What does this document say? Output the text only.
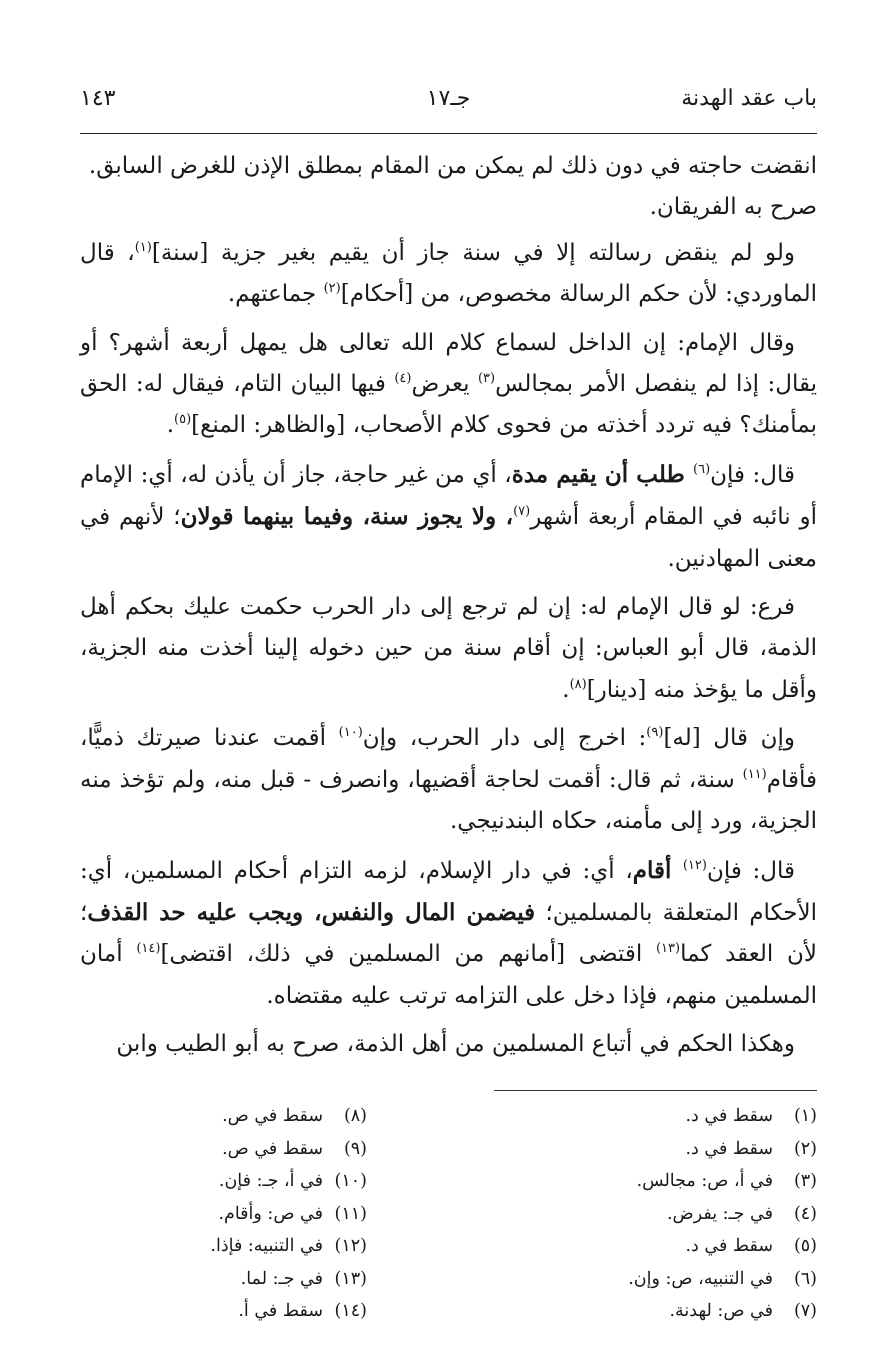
باب عقد الهدنة
جـ١٧
١٤٣

انقضت حاجته في دون ذلك لم يمكن من المقام بمطلق الإذن للغرض السابق.
صرح به الفريقان.

ولو لم ينقض رسالته إلا في سنة جاز أن يقيم بغير جزية [سنة]$^{(١)}$، قال الماوردي: لأن حكم الرسالة مخصوص، من [أحكام]$^{(٢)}$ جماعتهم.

وقال الإمام: إن الداخل لسماع كلام الله تعالى هل يمهل أربعة أشهر؟ أو يقال: إذا لم ينفصل الأمر بمجالس$^{(٣)}$ يعرض$^{(٤)}$ فيها البيان التام، فيقال له: الحق بمأمنك؟ فيه تردد أخذته من فحوى كلام الأصحاب، [والظاهر: المنع]$^{(٥)}$.

قال: فإن$^{(٦)}$ طلب أن يقيم مدة، أي من غير حاجة، جاز أن يأذن له، أي: الإمام أو نائبه في المقام أربعة أشهر$^{(٧)}$، ولا يجوز سنة، وفيما بينهما قولان؛ لأنهم في معنى المهادنين.

فرع: لو قال الإمام له: إن لم ترجع إلى دار الحرب حكمت عليك بحكم أهل الذمة، قال أبو العباس: إن أقام سنة من حين دخوله إلينا أخذت منه الجزية، وأقل ما يؤخذ منه [دينار]$^{(٨)}$.

وإن قال [له]$^{(٩)}$: اخرج إلى دار الحرب، وإن$^{(١٠)}$ أقمت عندنا صيرتك ذميًّا، فأقام$^{(١١)}$ سنة، ثم قال: أقمت لحاجة أقضيها، وانصرف - قبل منه، ولم تؤخذ منه الجزية، ورد إلى مأمنه، حكاه البندنيجي.

قال: فإن$^{(١٢)}$ أقام، أي: في دار الإسلام، لزمه التزام أحكام المسلمين، أي: الأحكام المتعلقة بالمسلمين؛ فيضمن المال والنفس، ويجب عليه حد القذف؛ لأن العقد كما$^{(١٣)}$ اقتضى [أمانهم من المسلمين في ذلك، اقتضى]$^{(١٤)}$ أمان المسلمين منهم، فإذا دخل على التزامه ترتب عليه مقتضاه.

وهكذا الحكم في أتباع المسلمين من أهل الذمة، صرح به أبو الطيب وابن

(١)سقط في د.
(٢)سقط في د.
(٣)في أ، ص: مجالس.
(٤)في جـ: يفرض.
(٥)سقط في د.
(٦)في التنبيه، ص: وإن.
(٧)في ص: لهدنة.
(٨)سقط في ص.
(٩)سقط في ص.
(١٠)في أ، جـ: فإن.
(١١)في ص: وأقام.
(١٢)في التنبيه: فإذا.
(١٣)في جـ: لما.
(١٤)سقط في أ.
